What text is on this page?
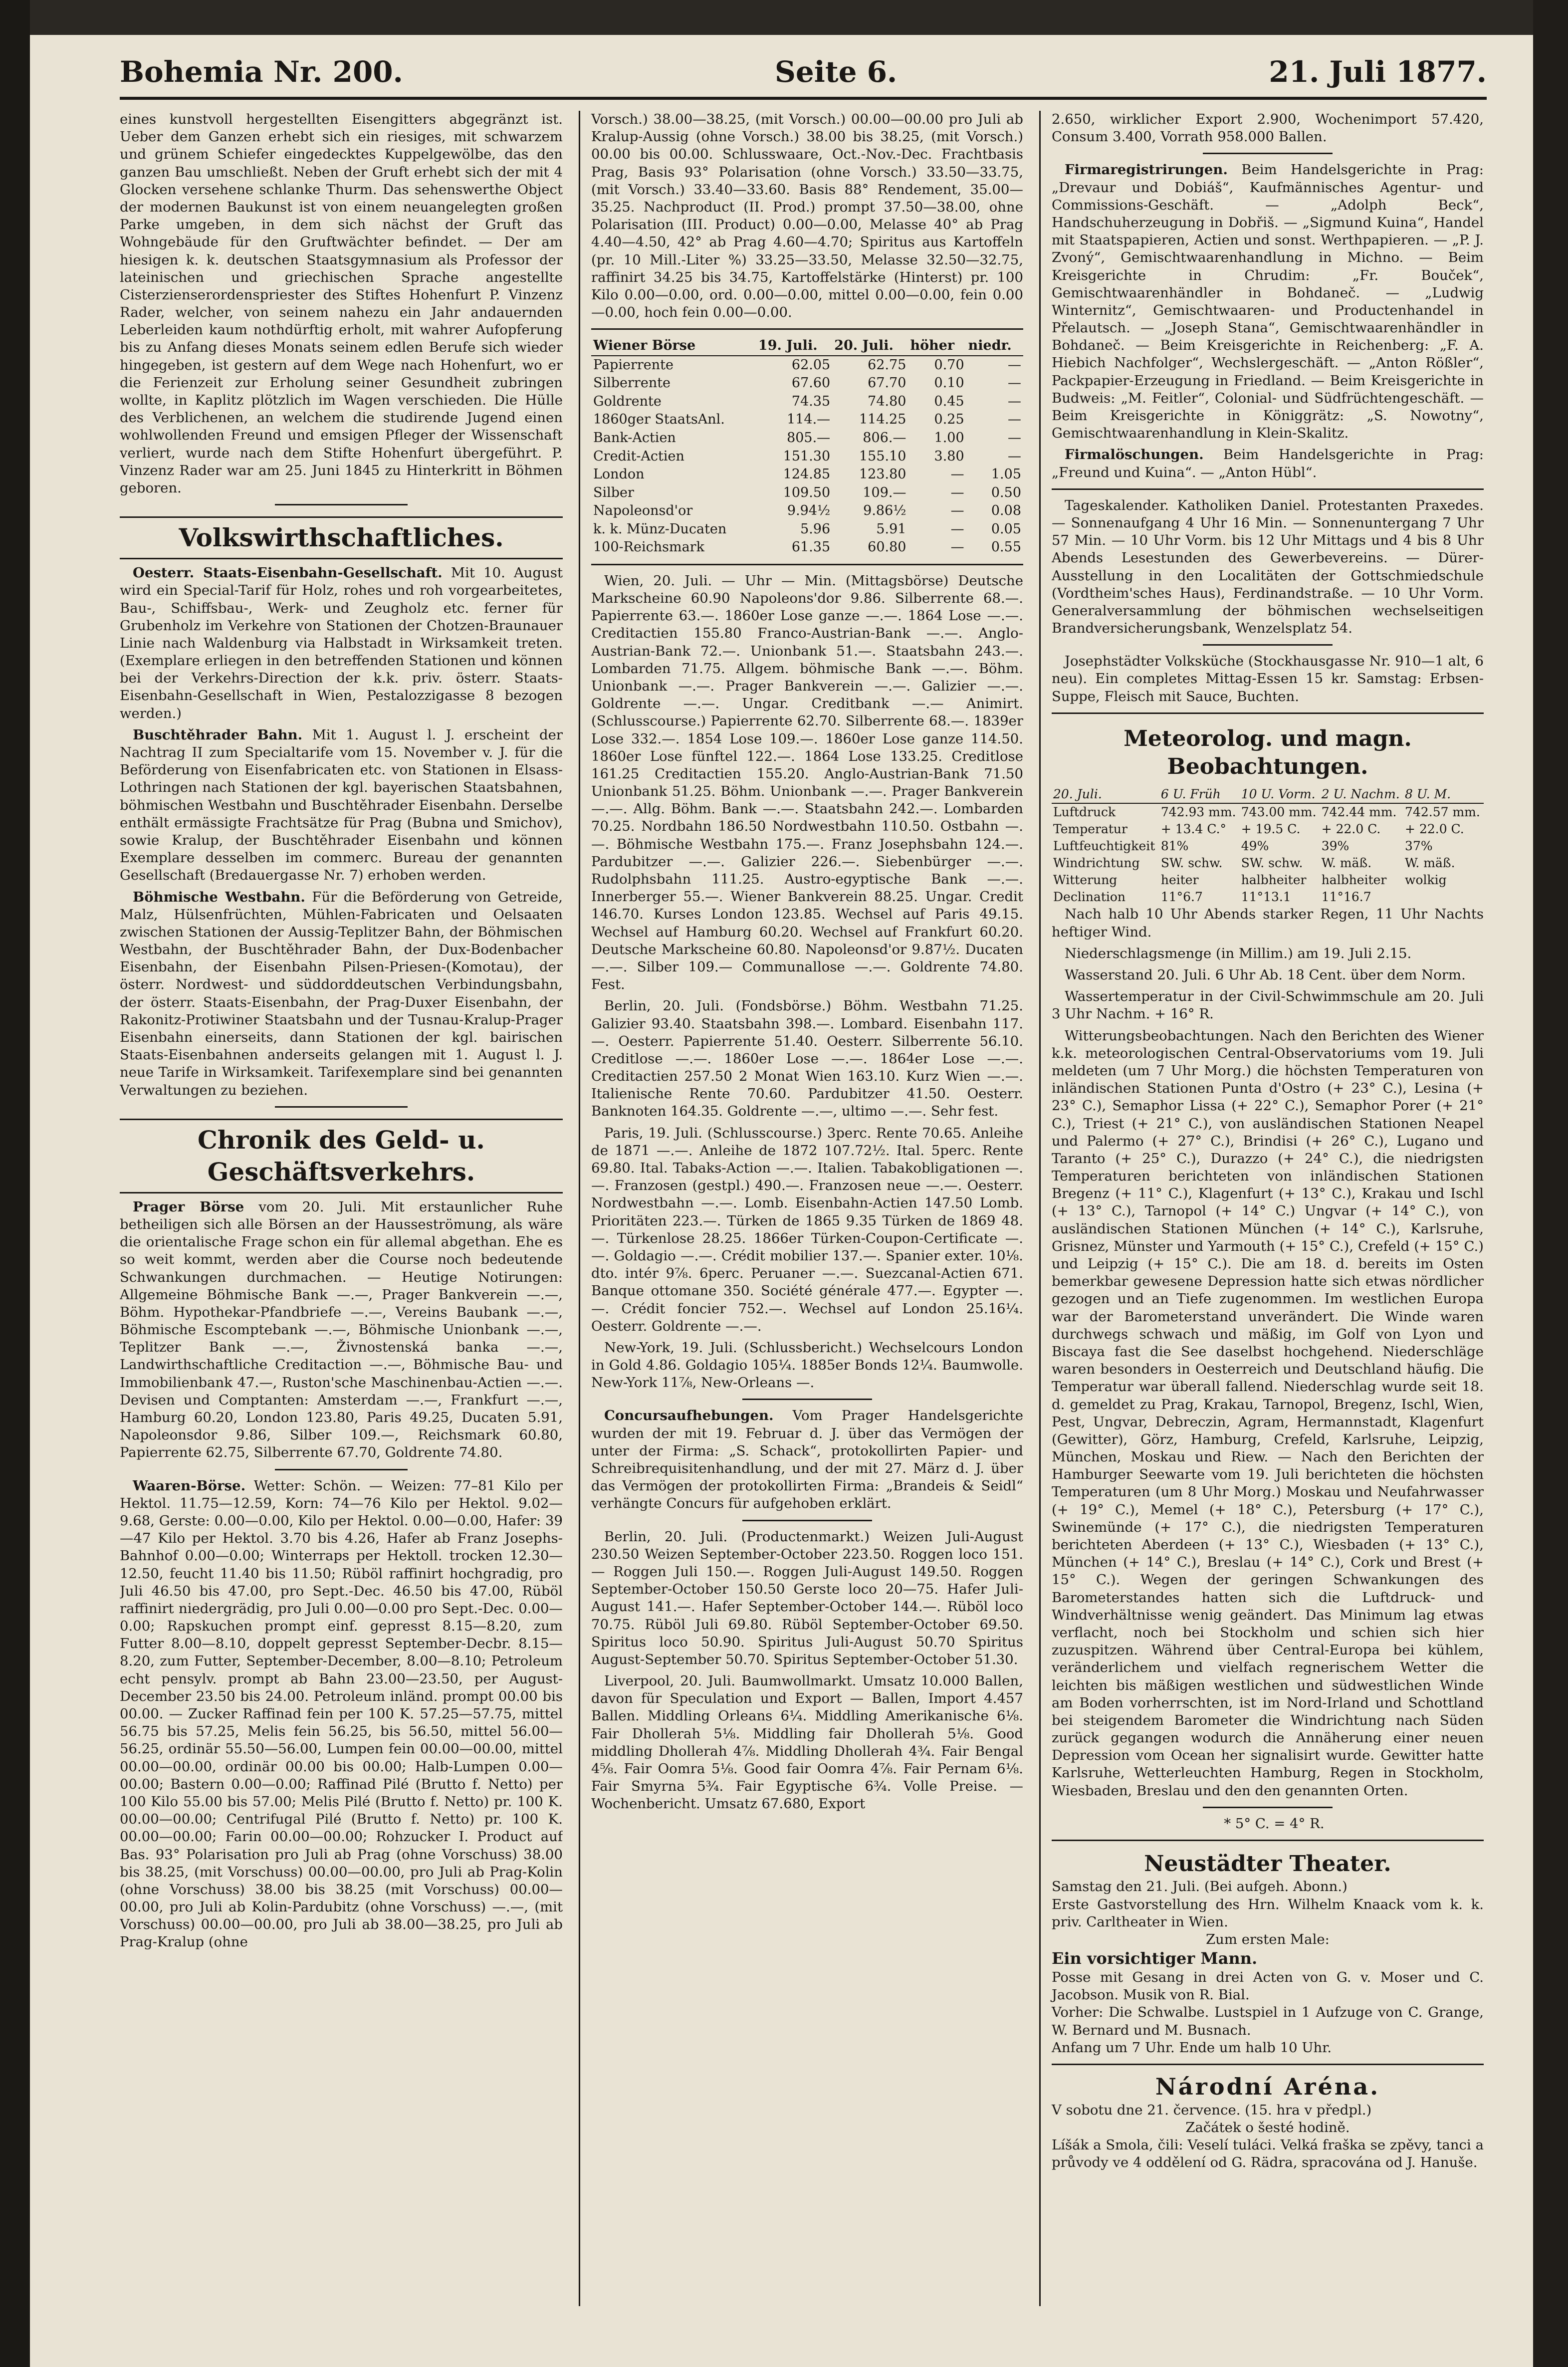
Bohemia Nr. 200.	Seite 6.	21. Juli 1877.

eines kunstvoll hergestellten Eisengitters abgegränzt ist. Ueber dem Ganzen erhebt sich ein riesiges, mit schwarzem und grünem Schiefer eingedecktes Kuppelgewölbe, das den ganzen Bau umschließt. Neben der Gruft erhebt sich der mit 4 Glocken versehene schlanke Thurm. Das sehenswerthe Object der modernen Baukunst ist von einem neuangelegten großen Parke umgeben, in dem sich nächst der Gruft das Wohngebäude für den Gruftwächter befindet. — Der am hiesigen k. k. deutschen Staatsgymnasium als Professor der lateinischen und griechischen Sprache angestellte Cisterzienserordenspriester des Stiftes Hohenfurt P. Vinzenz Rader, welcher, von seinem nahezu ein Jahr andauernden Leberleiden kaum nothdürftig erholt, mit wahrer Aufopferung bis zu Anfang dieses Monats seinem edlen Berufe sich wieder hingegeben, ist gestern auf dem Wege nach Hohenfurt, wo er die Ferienzeit zur Erholung seiner Gesundheit zubringen wollte, in Kaplitz plötzlich im Wagen verschieden. Die Hülle des Verblichenen, an welchem die studirende Jugend einen wohlwollenden Freund und emsigen Pfleger der Wissenschaft verliert, wurde nach dem Stifte Hohenfurt übergeführt. P. Vinzenz Rader war am 25. Juni 1845 zu Hinterkritt in Böhmen geboren.

Volkswirthschaftliches.

Oesterr. Staats-Eisenbahn-Gesellschaft. Mit 10. August wird ein Special-Tarif für Holz, rohes und roh vorgearbeitetes, Bau-, Schiffsbau-, Werk- und Zeugholz etc. ferner für Grubenholz im Verkehre von Stationen der Chotzen-Braunauer Linie nach Waldenburg via Halbstadt in Wirksamkeit treten. (Exemplare erliegen in den betreffenden Stationen und können bei der Verkehrs-Direction der k.k. priv. österr. Staats-Eisenbahn-Gesellschaft in Wien, Pestalozzigasse 8 bezogen werden.)

Buschtěhrader Bahn. Mit 1. August l. J. erscheint der Nachtrag II zum Specialtarife vom 15. November v. J. für die Beförderung von Eisenfabricaten etc. von Stationen in Elsass-Lothringen nach Stationen der kgl. bayerischen Staatsbahnen, böhmischen Westbahn und Buschtěhrader Eisenbahn. Derselbe enthält ermässigte Frachtsätze für Prag (Bubna und Smichov), sowie Kralup, der Buschtěhrader Eisenbahn und können Exemplare desselben im commerc. Bureau der genannten Gesellschaft (Bredauergasse Nr. 7) erhoben werden.

Böhmische Westbahn. Für die Beförderung von Getreide, Malz, Hülsenfrüchten, Mühlen-Fabricaten und Oelsaaten zwischen Stationen der Aussig-Teplitzer Bahn, der Böhmischen Westbahn, der Buschtěhrader Bahn, der Dux-Bodenbacher Eisenbahn, der Eisenbahn Pilsen-Priesen-(Komotau), der österr. Nordwest- und süddorddeutschen Verbindungsbahn, der österr. Staats-Eisenbahn, der Prag-Duxer Eisenbahn, der Rakonitz-Protiwiner Staatsbahn und der Tusnau-Kralup-Prager Eisenbahn einerseits, dann Stationen der kgl. bairischen Staats-Eisenbahnen anderseits gelangen mit 1. August l. J. neue Tarife in Wirksamkeit. Tarifexemplare sind bei genannten Verwaltungen zu beziehen.

Chronik des Geld- u. Geschäftsverkehrs.

Prager Börse vom 20. Juli. Mit erstaunlicher Ruhe betheiligen sich alle Börsen an der Hausseströmung, als wäre die orientalische Frage schon ein für allemal abgethan. Ehe es so weit kommt, werden aber die Course noch bedeutende Schwankungen durchmachen. — Heutige Notirungen: Allgemeine Böhmische Bank —.—, Prager Bankverein —.—, Böhm. Hypothekar-Pfandbriefe —.—, Vereins Baubank —.—, Böhmische Escomptebank —.—, Böhmische Unionbank —.—, Teplitzer Bank —.—, Živnostenská banka —.—, Landwirthschaftliche Creditaction —.—, Böhmische Bau- und Immobilienbank 47.—, Ruston'sche Maschinenbau-Actien —.—. Devisen und Comptanten: Amsterdam —.—, Frankfurt —.—, Hamburg 60.20, London 123.80, Paris 49.25, Ducaten 5.91, Napoleonsdor 9.86, Silber 109.—, Reichsmark 60.80, Papierrente 62.75, Silberrente 67.70, Goldrente 74.80.

Waaren-Börse. Wetter: Schön. — Weizen: 77–81 Kilo per Hektol. 11.75—12.59, Korn: 74—76 Kilo per Hektol. 9.02—9.68, Gerste: 0.00—0.00, Kilo per Hektol. 0.00—0.00, Hafer: 39—47 Kilo per Hektol. 3.70 bis 4.26, Hafer ab Franz Josephs-Bahnhof 0.00—0.00; Winterraps per Hektoll. trocken 12.30—12.50, feucht 11.40 bis 11.50; Rüböl raffinirt hochgradig, pro Juli 46.50 bis 47.00, pro Sept.-Dec. 46.50 bis 47.00, Rüböl raffinirt niedergrädig, pro Juli 0.00—0.00 pro Sept.-Dec. 0.00—0.00; Rapskuchen prompt einf. gepresst 8.15—8.20, zum Futter 8.00—8.10, doppelt gepresst September-Decbr. 8.15—8.20, zum Futter, September-December, 8.00—8.10; Petroleum echt pensylv. prompt ab Bahn 23.00—23.50, per August-December 23.50 bis 24.00. Petroleum inländ. prompt 00.00 bis 00.00. — Zucker Raffinad fein per 100 K. 57.25—57.75, mittel 56.75 bis 57.25, Melis fein 56.25, bis 56.50, mittel 56.00—56.25, ordinär 55.50—56.00, Lumpen fein 00.00—00.00, mittel 00.00—00.00, ordinär 00.00 bis 00.00; Halb-Lumpen 0.00—00.00; Bastern 0.00—0.00; Raffinad Pilé (Brutto f. Netto) per 100 Kilo 55.00 bis 57.00; Melis Pilé (Brutto f. Netto) pr. 100 K. 00.00—00.00; Centrifugal Pilé (Brutto f. Netto) pr. 100 K. 00.00—00.00; Farin 00.00—00.00; Rohzucker I. Product auf Bas. 93° Polarisation pro Juli ab Prag (ohne Vorschuss) 38.00 bis 38.25, (mit Vorschuss) 00.00—00.00, pro Juli ab Prag-Kolin (ohne Vorschuss) 38.00 bis 38.25 (mit Vorschuss) 00.00—00.00, pro Juli ab Kolin-Pardubitz (ohne Vorschuss) —.—, (mit Vorschuss) 00.00—00.00, pro Juli ab 38.00—38.25, pro Juli ab Prag-Kralup (ohne

Vorsch.) 38.00—38.25, (mit Vorsch.) 00.00—00.00 pro Juli ab Kralup-Aussig (ohne Vorsch.) 38.00 bis 38.25, (mit Vorsch.) 00.00 bis 00.00. Schlusswaare, Oct.-Nov.-Dec. Frachtbasis Prag, Basis 93° Polarisation (ohne Vorsch.) 33.50—33.75, (mit Vorsch.) 33.40—33.60. Basis 88° Rendement, 35.00—35.25. Nachproduct (II. Prod.) prompt 37.50—38.00, ohne Polarisation (III. Product) 0.00—0.00, Melasse 40° ab Prag 4.40—4.50, 42° ab Prag 4.60—4.70; Spiritus aus Kartoffeln (pr. 10 Mill.-Liter %) 33.25—33.50, Melasse 32.50—32.75, raffinirt 34.25 bis 34.75, Kartoffelstärke (Hinterst) pr. 100 Kilo 0.00—0.00, ord. 0.00—0.00, mittel 0.00—0.00, fein 0.00—0.00, hoch fein 0.00—0.00.

Wiener Börse	19. Juli.	20. Juli.	höher	niedr.
Papierrente	62.05	62.75	0.70	—
Silberrente	67.60	67.70	0.10	—
Goldrente	74.35	74.80	0.45	—
1860ger StaatsAnl.	114.—	114.25	0.25	—
Bank-Actien	805.—	806.—	1.00	—
Credit-Actien	151.30	155.10	3.80	—
London	124.85	123.80	—	1.05
Silber	109.50	109.—	—	0.50
Napoleonsd'or	9.94½	9.86½	—	0.08
k. k. Münz-Ducaten	5.96	5.91	—	0.05
100-Reichsmark	61.35	60.80	—	0.55

Wien, 20. Juli. — Uhr — Min. (Mittagsbörse) Deutsche Markscheine 60.90 Napoleons'dor 9.86. Silberrente 68.—. Papierrente 63.—. 1860er Lose ganze —.—. 1864 Lose —.—. Creditactien 155.80 Franco-Austrian-Bank —.—. Anglo-Austrian-Bank 72.—. Unionbank 51.—. Staatsbahn 243.—. Lombarden 71.75. Allgem. böhmische Bank —.—. Böhm. Unionbank —.—. Prager Bankverein —.—. Galizier —.—. Goldrente —.—. Ungar. Creditbank —.— Animirt. (Schlusscourse.) Papierrente 62.70. Silberrente 68.—. 1839er Lose 332.—. 1854 Lose 109.—. 1860er Lose ganze 114.50. 1860er Lose fünftel 122.—. 1864 Lose 133.25. Creditlose 161.25 Creditactien 155.20. Anglo-Austrian-Bank 71.50 Unionbank 51.25. Böhm. Unionbank —.—. Prager Bankverein —.—. Allg. Böhm. Bank —.—. Staatsbahn 242.—. Lombarden 70.25. Nordbahn 186.50 Nordwestbahn 110.50. Ostbahn —.—. Böhmische Westbahn 175.—. Franz Josephsbahn 124.—. Pardubitzer —.—. Galizier 226.—. Siebenbürger —.—. Rudolphsbahn 111.25. Austro-egyptische Bank —.—. Innerberger 55.—. Wiener Bankverein 88.25. Ungar. Credit 146.70. Kurses London 123.85. Wechsel auf Paris 49.15. Wechsel auf Hamburg 60.20. Wechsel auf Frankfurt 60.20. Deutsche Markscheine 60.80. Napoleonsd'or 9.87½. Ducaten —.—. Silber 109.— Communallose —.—. Goldrente 74.80. Fest.

Berlin, 20. Juli. (Fondsbörse.) Böhm. Westbahn 71.25. Galizier 93.40. Staatsbahn 398.—. Lombard. Eisenbahn 117.—. Oesterr. Papierrente 51.40. Oesterr. Silberrente 56.10. Creditlose —.—. 1860er Lose —.—. 1864er Lose —.—. Creditactien 257.50 2 Monat Wien 163.10. Kurz Wien —.—. Italienische Rente 70.60. Pardubitzer 41.50. Oesterr. Banknoten 164.35. Goldrente —.—, ultimo —.—. Sehr fest.

Paris, 19. Juli. (Schlusscourse.) 3perc. Rente 70.65. Anleihe de 1871 —.—. Anleihe de 1872 107.72½. Ital. 5perc. Rente 69.80. Ital. Tabaks-Action —.—. Italien. Tabakobligationen —.—. Franzosen (gestpl.) 490.—. Franzosen neue —.—. Oesterr. Nordwestbahn —.—. Lomb. Eisenbahn-Actien 147.50 Lomb. Prioritäten 223.—. Türken de 1865 9.35 Türken de 1869 48.—. Türkenlose 28.25. 1866er Türken-Coupon-Certificate —.—. Goldagio —.—. Crédit mobilier 137.—. Spanier exter. 10⅛. dto. intér 9⅞. 6perc. Peruaner —.—. Suezcanal-Actien 671. Banque ottomane 350. Société générale 477.—. Egypter —.—. Crédit foncier 752.—. Wechsel auf London 25.16¼. Oesterr. Goldrente —.—.

New-York, 19. Juli. (Schlussbericht.) Wechselcours London in Gold 4.86. Goldagio 105¼. 1885er Bonds 12¼. Baumwolle. New-York 11⅞, New-Orleans —.

Concursaufhebungen. Vom Prager Handelsgerichte wurden der mit 19. Februar d. J. über das Vermögen der unter der Firma: „S. Schack“, protokollirten Papier- und Schreibrequisitenhandlung, und der mit 27. März d. J. über das Vermögen der protokollirten Firma: „Brandeis & Seidl“ verhängte Concurs für aufgehoben erklärt.

Berlin, 20. Juli. (Productenmarkt.) Weizen Juli-August 230.50 Weizen September-October 223.50. Roggen loco 151.— Roggen Juli 150.—. Roggen Juli-August 149.50. Roggen September-October 150.50 Gerste loco 20—75. Hafer Juli-August 141.—. Hafer September-October 144.—. Rüböl loco 70.75. Rüböl Juli 69.80. Rüböl September-October 69.50. Spiritus loco 50.90. Spiritus Juli-August 50.70 Spiritus August-September 50.70. Spiritus September-October 51.30.

Liverpool, 20. Juli. Baumwollmarkt. Umsatz 10.000 Ballen, davon für Speculation und Export — Ballen, Import 4.457 Ballen. Middling Orleans 6¼. Middling Amerikanische 6⅛. Fair Dhollerah 5⅛. Middling fair Dhollerah 5⅛. Good middling Dhollerah 4⅞. Middling Dhollerah 4¾. Fair Bengal 4⅝. Fair Oomra 5⅛. Good fair Oomra 4⅞. Fair Pernam 6⅛. Fair Smyrna 5¾. Fair Egyptische 6¾. Volle Preise. — Wochenbericht. Umsatz 67.680, Export

2.650, wirklicher Export 2.900, Wochenimport 57.420, Consum 3.400, Vorrath 958.000 Ballen.

Firmaregistrirungen. Beim Handelsgerichte in Prag: „Drevaur und Dobiáš“, Kaufmännisches Agentur- und Commissions-Geschäft. — „Adolph Beck“, Handschuherzeugung in Dobřiš. — „Sigmund Kuina“, Handel mit Staatspapieren, Actien und sonst. Werthpapieren. — „P. J. Zvoný“, Gemischtwaarenhandlung in Michno. — Beim Kreisgerichte in Chrudim: „Fr. Bouček“, Gemischtwaarenhändler in Bohdaneč. — „Ludwig Winternitz“, Gemischtwaaren- und Productenhandel in Přelautsch. — „Joseph Stana“, Gemischtwaarenhändler in Bohdaneč. — Beim Kreisgerichte in Reichenberg: „F. A. Hiebich Nachfolger“, Wechslergeschäft. — „Anton Rößler“, Packpapier-Erzeugung in Friedland. — Beim Kreisgerichte in Budweis: „M. Feitler“, Colonial- und Südfrüchtengeschäft. — Beim Kreisgerichte in Königgrätz: „S. Nowotny“, Gemischtwaarenhandlung in Klein-Skalitz.

Firmalöschungen. Beim Handelsgerichte in Prag: „Freund und Kuina“. — „Anton Hübl“.

Tageskalender. Katholiken Daniel. Protestanten Praxedes. — Sonnenaufgang 4 Uhr 16 Min. — Sonnenuntergang 7 Uhr 57 Min. — 10 Uhr Vorm. bis 12 Uhr Mittags und 4 bis 8 Uhr Abends Lesestunden des Gewerbevereins. — Dürer-Ausstellung in den Localitäten der Gottschmiedschule (Vordtheim'sches Haus), Ferdinandstraße. — 10 Uhr Vorm. Generalversammlung der böhmischen wechselseitigen Brandversicherungsbank, Wenzelsplatz 54.

Josephstädter Volksküche (Stockhausgasse Nr. 910—1 alt, 6 neu). Ein completes Mittag-Essen 15 kr. Samstag: Erbsen-Suppe, Fleisch mit Sauce, Buchten.

Meteorolog. und magn. Beobachtungen.
20. Juli.	6 U. Früh	10 U. Vorm.	2 U. Nachm.	8 U. M.
Luftdruck	742.93 mm.	743.00 mm.	742.44 mm.	742.57 mm.
Temperatur	+ 13.4 C.°	+ 19.5 C.	+ 22.0 C.	+ 22.0 C.
Luftfeuchtigkeit	81%	49%	39%	37%
Windrichtung	SW. schw.	SW. schw.	W. mäß.	W. mäß.
Witterung	heiter	halbheiter	halbheiter	wolkig
Declination	11°6.7	11°13.1	11°16.7	

Nach halb 10 Uhr Abends starker Regen, 11 Uhr Nachts heftiger Wind.

Niederschlagsmenge (in Millim.) am 19. Juli 2.15.

Wasserstand 20. Juli. 6 Uhr Ab. 18 Cent. über dem Norm.

Wassertemperatur in der Civil-Schwimmschule am 20. Juli 3 Uhr Nachm. + 16° R.

Witterungsbeobachtungen. Nach den Berichten des Wiener k.k. meteorologischen Central-Observatoriums vom 19. Juli meldeten (um 7 Uhr Morg.) die höchsten Temperaturen von inländischen Stationen Punta d'Ostro (+ 23° C.), Lesina (+ 23° C.), Semaphor Lissa (+ 22° C.), Semaphor Porer (+ 21° C.), Triest (+ 21° C.), von ausländischen Stationen Neapel und Palermo (+ 27° C.), Brindisi (+ 26° C.), Lugano und Taranto (+ 25° C.), Durazzo (+ 24° C.), die niedrigsten Temperaturen berichteten von inländischen Stationen Bregenz (+ 11° C.), Klagenfurt (+ 13° C.), Krakau und Ischl (+ 13° C.), Tarnopol (+ 14° C.) Ungvar (+ 14° C.), von ausländischen Stationen München (+ 14° C.), Karlsruhe, Grisnez, Münster und Yarmouth (+ 15° C.), Crefeld (+ 15° C.) und Leipzig (+ 15° C.). Die am 18. d. bereits im Osten bemerkbar gewesene Depression hatte sich etwas nördlicher gezogen und an Tiefe zugenommen. Im westlichen Europa war der Barometerstand unverändert. Die Winde waren durchwegs schwach und mäßig, im Golf von Lyon und Biscaya fast die See daselbst hochgehend. Niederschläge waren besonders in Oesterreich und Deutschland häufig. Die Temperatur war überall fallend. Niederschlag wurde seit 18. d. gemeldet zu Prag, Krakau, Tarnopol, Bregenz, Ischl, Wien, Pest, Ungvar, Debreczin, Agram, Hermannstadt, Klagenfurt (Gewitter), Görz, Hamburg, Crefeld, Karlsruhe, Leipzig, München, Moskau und Riew. — Nach den Berichten der Hamburger Seewarte vom 19. Juli berichteten die höchsten Temperaturen (um 8 Uhr Morg.) Moskau und Neufahrwasser (+ 19° C.), Memel (+ 18° C.), Petersburg (+ 17° C.), Swinemünde (+ 17° C.), die niedrigsten Temperaturen berichteten Aberdeen (+ 13° C.), Wiesbaden (+ 13° C.), München (+ 14° C.), Breslau (+ 14° C.), Cork und Brest (+ 15° C.). Wegen der geringen Schwankungen des Barometerstandes hatten sich die Luftdruck- und Windverhältnisse wenig geändert. Das Minimum lag etwas verflacht, noch bei Stockholm und schien sich hier zuzuspitzen. Während über Central-Europa bei kühlem, veränderlichem und vielfach regnerischem Wetter die leichten bis mäßigen westlichen und südwestlichen Winde am Boden vorherrschten, ist im Nord-Irland und Schottland bei steigendem Barometer die Windrichtung nach Süden zurück gegangen wodurch die Annäherung einer neuen Depression vom Ocean her signalisirt wurde. Gewitter hatte Karlsruhe, Wetterleuchten Hamburg, Regen in Stockholm, Wiesbaden, Breslau und den den genannten Orten.

* 5° C. = 4° R.

Neustädter Theater.
Samstag den 21. Juli. (Bei aufgeh. Abonn.)
Erste Gastvorstellung des Hrn. Wilhelm Knaack vom k. k. priv. Carltheater in Wien.
Zum ersten Male:
Ein vorsichtiger Mann.
Posse mit Gesang in drei Acten von G. v. Moser und C. Jacobson. Musik von R. Bial.
Vorher: Die Schwalbe. Lustspiel in 1 Aufzuge von C. Grange, W. Bernard und M. Busnach.
Anfang um 7 Uhr. Ende um halb 10 Uhr.
Národní Aréna.
V sobotu dne 21. července. (15. hra v předpl.)
Začátek o šesté hodině.
Líšák a Smola, čili: Veselí tuláci. Velká fraška se zpěvy, tanci a průvody ve 4 oddělení od G. Rädra, spracována od J. Hanuše.
